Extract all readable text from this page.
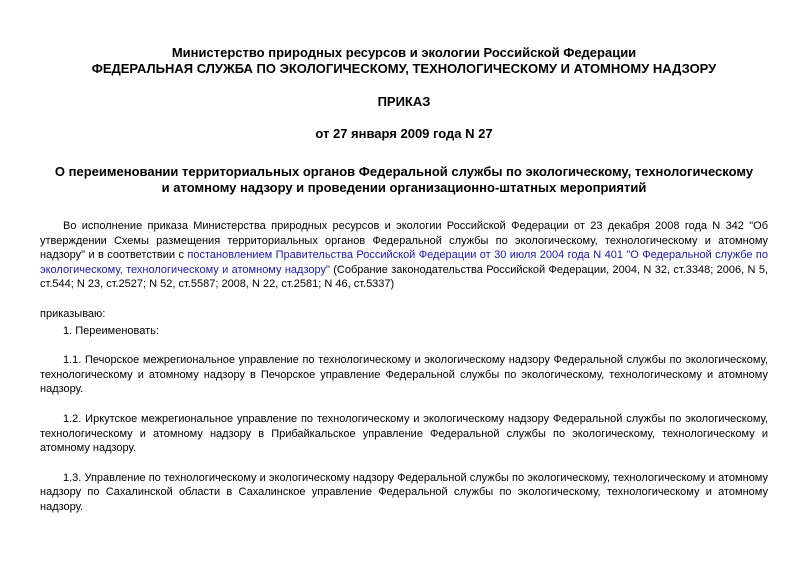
Министерство природных ресурсов и экологии Российской Федерации
ФЕДЕРАЛЬНАЯ СЛУЖБА ПО ЭКОЛОГИЧЕСКОМУ, ТЕХНОЛОГИЧЕСКОМУ И АТОМНОМУ НАДЗОРУ
ПРИКАЗ
от 27 января 2009 года N 27
О переименовании территориальных органов Федеральной службы по экологическому, технологическому
и атомному надзору и проведении организационно-штатных мероприятий

Во исполнение приказа Министерства природных ресурсов и экологии Российской Федерации от 23 декабря 2008 года N 342 "Об утверждении Схемы размещения территориальных органов Федеральной службы по экологическому, технологическому и атомному надзору" и в соответствии с постановлением Правительства Российской Федерации от 30 июля 2004 года N 401 "О Федеральной службе по экологическому, технологическому и атомному надзору" (Собрание законодательства Российской Федерации, 2004, N 32, ст.3348; 2006, N 5, ст.544; N 23, ст.2527; N 52, ст.5587; 2008, N 22, ст.2581; N 46, ст.5337)

приказываю:

1. Переименовать:

1.1. Печорское межрегиональное управление по технологическому и экологическому надзору Федеральной службы по экологическому, технологическому и атомному надзору в Печорское управление Федеральной службы по экологическому, технологическому и атомному надзору.

1.2. Иркутское межрегиональное управление по технологическому и экологическому надзору Федеральной службы по экологическому, технологическому и атомному надзору в Прибайкальское управление Федеральной службы по экологическому, технологическому и атомному надзору.

1.3. Управление по технологическому и экологическому надзору Федеральной службы по экологическому, технологическому и атомному надзору по Сахалинской области в Сахалинское управление Федеральной службы по экологическому, технологическому и атомному надзору.
